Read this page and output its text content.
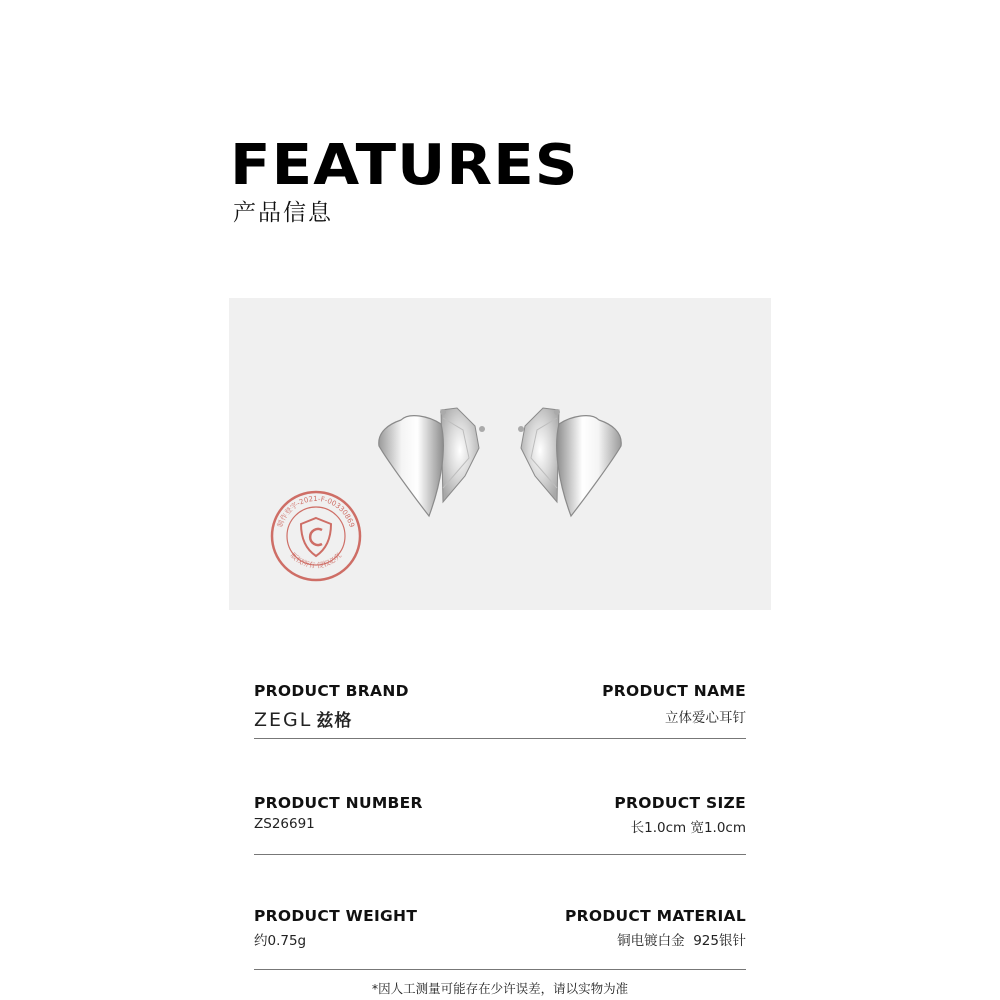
FEATURES
产品信息
制作登字-2021-F-00330869
版权所有 侵权必究
PRODUCT BRAND
ZEGL 兹格
PRODUCT NAME
立体爱心耳钉
PRODUCT NUMBER
ZS26691
PRODUCT SIZE
长1.0cm 宽1.0cm
PRODUCT WEIGHT
约0.75g
PRODUCT MATERIAL
铜电镀白金  925银针
*因人工测量可能存在少许误差，请以实物为准
